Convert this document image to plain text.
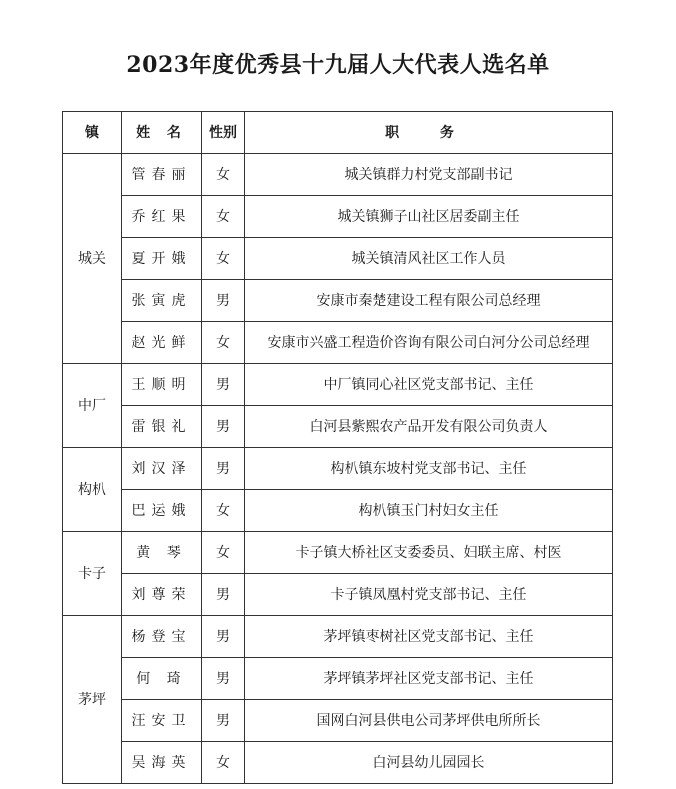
2023年度优秀县十九届人大代表人选名单
镇	姓 名	性别	职 务
城关	管春丽	女	城关镇群力村党支部副书记
	乔红果	女	城关镇狮子山社区居委副主任
	夏开娥	女	城关镇清风社区工作人员
	张寅虎	男	安康市秦楚建设工程有限公司总经理
	赵光鲜	女	安康市兴盛工程造价咨询有限公司白河分公司总经理
中厂	王顺明	男	中厂镇同心社区党支部书记、主任
	雷银礼	男	白河县紫熙农产品开发有限公司负责人
构朳	刘汉泽	男	构朳镇东坡村党支部书记、主任
	巴运娥	女	构朳镇玉门村妇女主任
卡子	黄 琴	女	卡子镇大桥社区支委委员、妇联主席、村医
	刘尊荣	男	卡子镇凤凰村党支部书记、主任
茅坪	杨登宝	男	茅坪镇枣树社区党支部书记、主任
	何 琦	男	茅坪镇茅坪社区党支部书记、主任
	汪安卫	男	国网白河县供电公司茅坪供电所所长
	吴海英	女	白河县幼儿园园长
